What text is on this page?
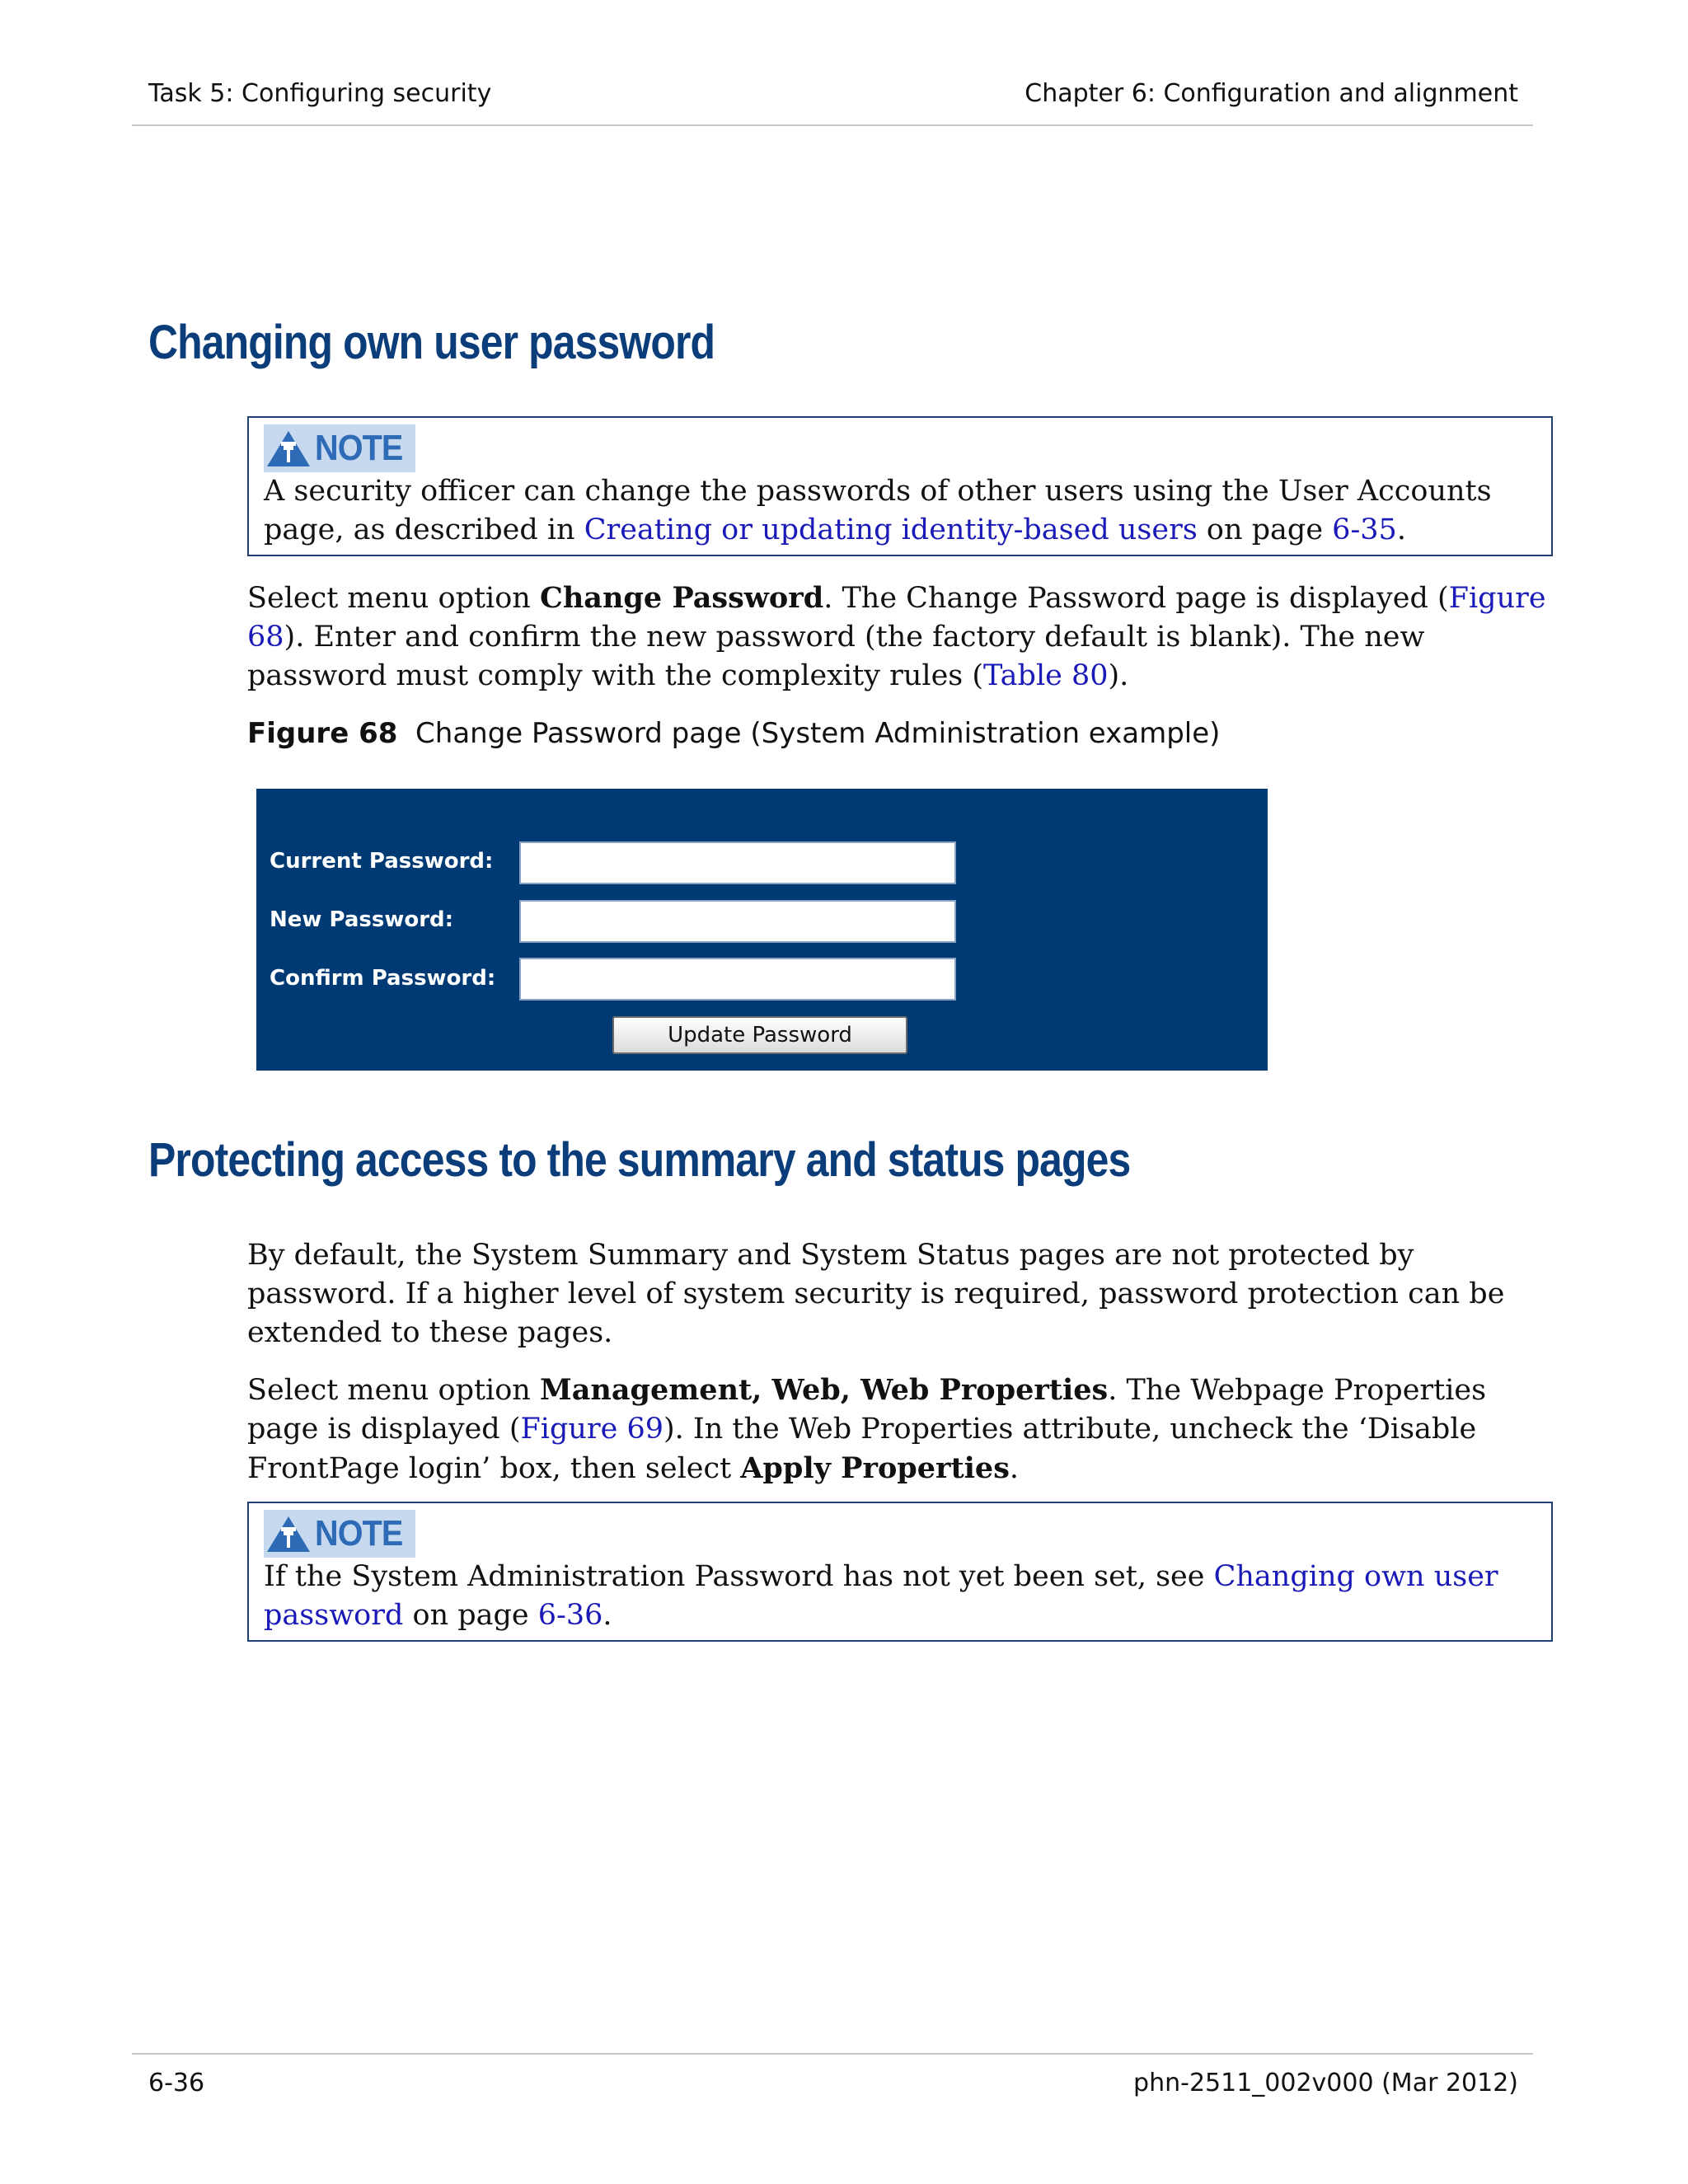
Task 5: Configuring security	Chapter 6: Configuration and alignment
Changing own user password
NOTE
A security officer can change the passwords of other users using the User Accounts page, as described in Creating or updating identity-based users on page 6-35.

Select menu option Change Password. The Change Password page is displayed (Figure 68). Enter and confirm the new password (the factory default is blank). The new password must comply with the complexity rules (Table 80).

Figure 68 Change Password page (System Administration example)
Current Password:
New Password:
Confirm Password:
Update Password
Protecting access to the summary and status pages

By default, the System Summary and System Status pages are not protected by password. If a higher level of system security is required, password protection can be extended to these pages.

Select menu option Management, Web, Web Properties. The Webpage Properties page is displayed (Figure 69). In the Web Properties attribute, uncheck the ‘Disable FrontPage login’ box, then select Apply Properties.

NOTE
If the System Administration Password has not yet been set, see Changing own user password on page 6-36.
6-36	phn-2511_002v000 (Mar 2012)
